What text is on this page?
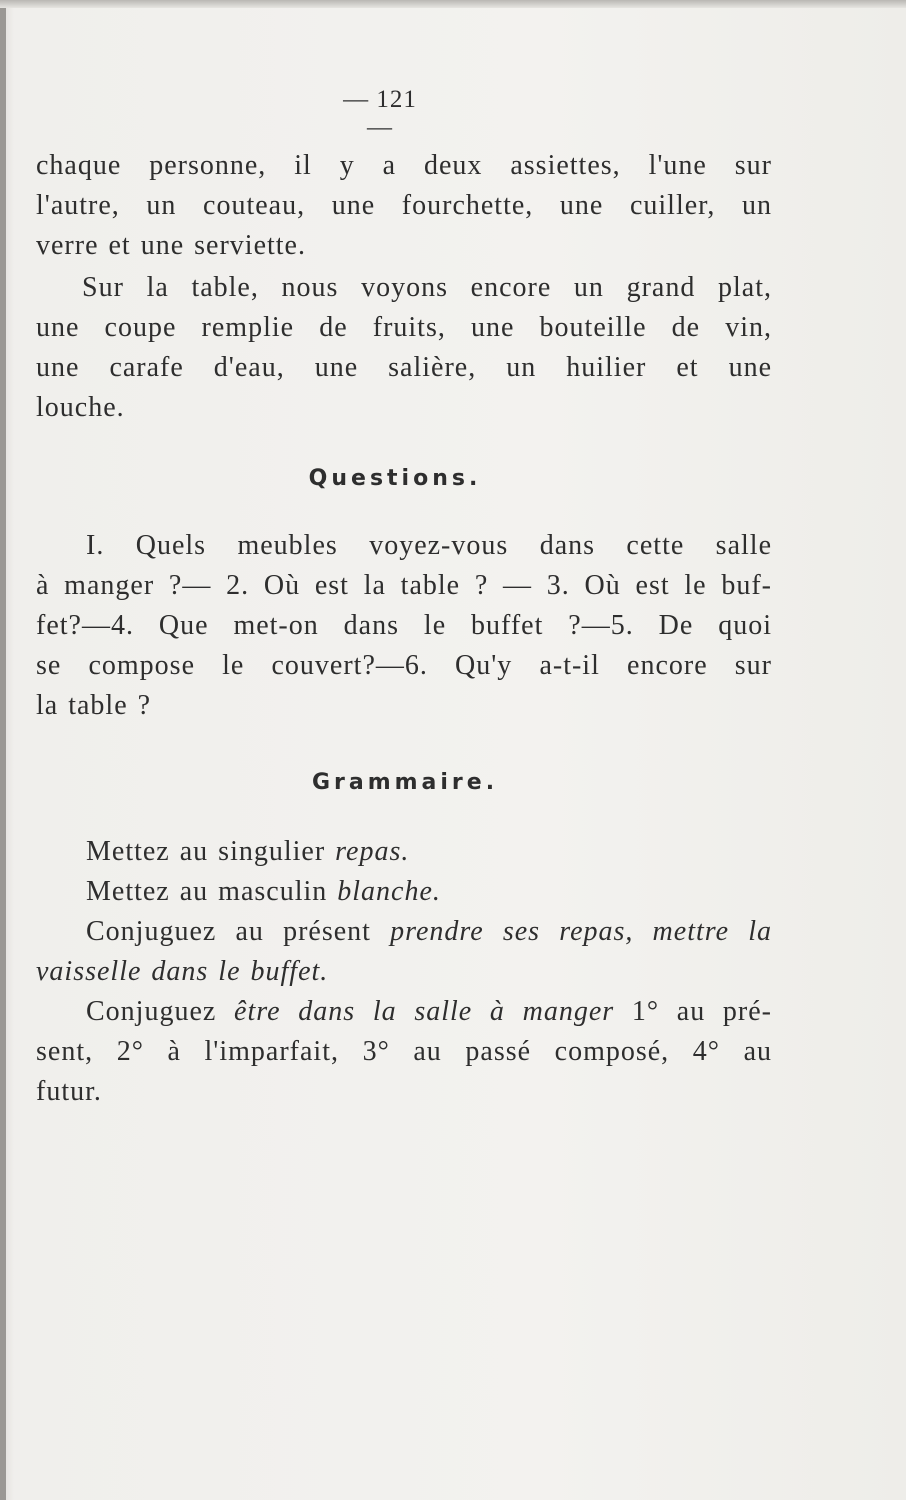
— 121 —
chaque personne, il y a deux assiettes, l'une sur
l'autre, un couteau, une fourchette, une cuiller, un
verre et une serviette.
Sur la table, nous voyons encore un grand plat,
une coupe remplie de fruits, une bouteille de vin,
une carafe d'eau, une salière, un huilier et une
louche.
Questions.
I. Quels meubles voyez-vous dans cette salle
à manger ?— 2. Où est la table ? — 3. Où est le buf-
fet?—4. Que met-on dans le buffet ?—5. De quoi
se compose le couvert?—6. Qu'y a-t-il encore sur
la table ?
Grammaire.
Mettez au singulier repas.
Mettez au masculin blanche.
Conjuguez au présent prendre ses repas, mettre la
vaisselle dans le buffet.
Conjuguez être dans la salle à manger 1° au pré-
sent, 2° à l'imparfait, 3° au passé composé, 4° au
futur.
